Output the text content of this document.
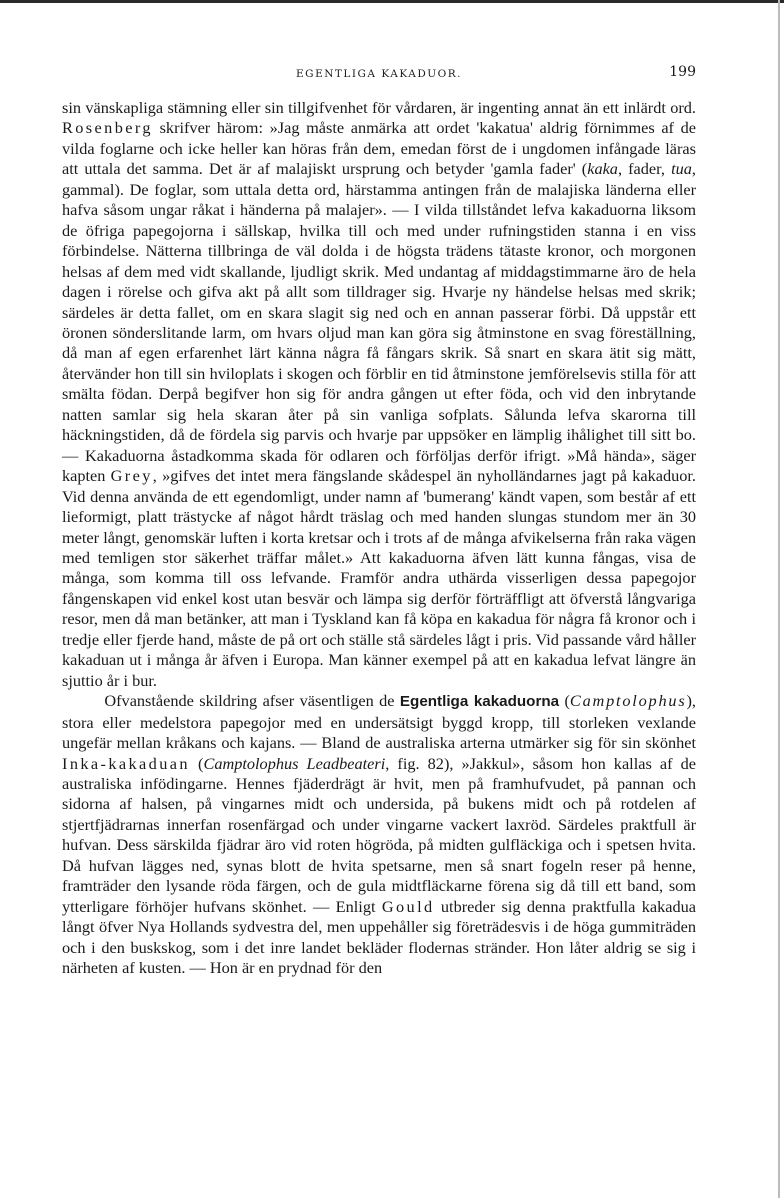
EGENTLIGA KAKADUOR.	199

sin vänskapliga stämning eller sin tillgifvenhet för vårdaren, är ingenting annat än ett inlärdt ord. Rosenberg skrifver härom: »Jag måste anmärka att ordet 'kakatua' aldrig förnimmes af de vilda foglarne och icke heller kan höras från dem, emedan först de i ungdomen infångade läras att uttala det samma. Det är af malajiskt ursprung och betyder 'gamla fader' (kaka, fader, tua, gammal). De foglar, som uttala detta ord, härstamma antingen från de malajiska länderna eller hafva såsom ungar råkat i händerna på malajer». — I vilda tillståndet lefva kakaduorna liksom de öfriga papegojorna i sällskap, hvilka till och med under rufningstiden stanna i en viss förbindelse. Nätterna tillbringa de väl dolda i de högsta trädens tätaste kronor, och morgonen helsas af dem med vidt skallande, ljudligt skrik. Med undantag af middagstimmarne äro de hela dagen i rörelse och gifva akt på allt som tilldrager sig. Hvarje ny händelse helsas med skrik; särdeles är detta fallet, om en skara slagit sig ned och en annan passerar förbi. Då uppstår ett öronen sönderslitande larm, om hvars oljud man kan göra sig åtminstone en svag föreställning, då man af egen erfarenhet lärt känna några få fångars skrik. Så snart en skara ätit sig mätt, återvänder hon till sin hviloplats i skogen och förblir en tid åtminstone jemförelsevis stilla för att smälta födan. Derpå begifver hon sig för andra gången ut efter föda, och vid den inbrytande natten samlar sig hela skaran åter på sin vanliga sofplats. Sålunda lefva skarorna till häckningstiden, då de fördela sig parvis och hvarje par uppsöker en lämplig ihålighet till sitt bo. — Kakaduorna åstadkomma skada för odlaren och förföljas derför ifrigt. »Må hända», säger kapten Grey, »gifves det intet mera fängslande skådespel än nyholländarnes jagt på kakaduor. Vid denna använda de ett egendomligt, under namn af 'bumerang' kändt vapen, som består af ett lieformigt, platt trästycke af något hårdt träslag och med handen slungas stundom mer än 30 meter långt, genomskär luften i korta kretsar och i trots af de många afvikelserna från raka vägen med temligen stor säkerhet träffar målet.» Att kakaduorna äfven lätt kunna fångas, visa de många, som komma till oss lefvande. Framför andra uthärda visserligen dessa papegojor fångenskapen vid enkel kost utan besvär och lämpa sig derför förträffligt att öfverstå långvariga resor, men då man betänker, att man i Tyskland kan få köpa en kakadua för några få kronor och i tredje eller fjerde hand, måste de på ort och ställe stå särdeles lågt i pris. Vid passande vård håller kakaduan ut i många år äfven i Europa. Man känner exempel på att en kakadua lefvat längre än sjuttio år i bur.

Ofvanstående skildring afser väsentligen de Egentliga kakaduorna (Camptolophus), stora eller medelstora papegojor med en undersätsigt byggd kropp, till storleken vexlande ungefär mellan kråkans och kajans. — Bland de australiska arterna utmärker sig för sin skönhet Inka-kakaduan (Camptolophus Leadbeateri, fig. 82), »Jakkul», såsom hon kallas af de australiska infödingarne. Hennes fjäderdrägt är hvit, men på framhufvudet, på pannan och sidorna af halsen, på vingarnes midt och undersida, på bukens midt och på rotdelen af stjertfjädrarnas innerfan rosenfärgad och under vingarne vackert laxröd. Särdeles praktfull är hufvan. Dess särskilda fjädrar äro vid roten högröda, på midten gulfläckiga och i spetsen hvita. Då hufvan lägges ned, synas blott de hvita spetsarne, men så snart fogeln reser på henne, framträder den lysande röda färgen, och de gula midtfläckarne förena sig då till ett band, som ytterligare förhöjer hufvans skönhet. — Enligt Gould utbreder sig denna praktfulla kakadua långt öfver Nya Hollands sydvestra del, men uppehåller sig företrädesvis i de höga gummiträden och i den buskskog, som i det inre landet bekläder flodernas stränder. Hon låter aldrig se sig i närheten af kusten. — Hon är en prydnad för den
